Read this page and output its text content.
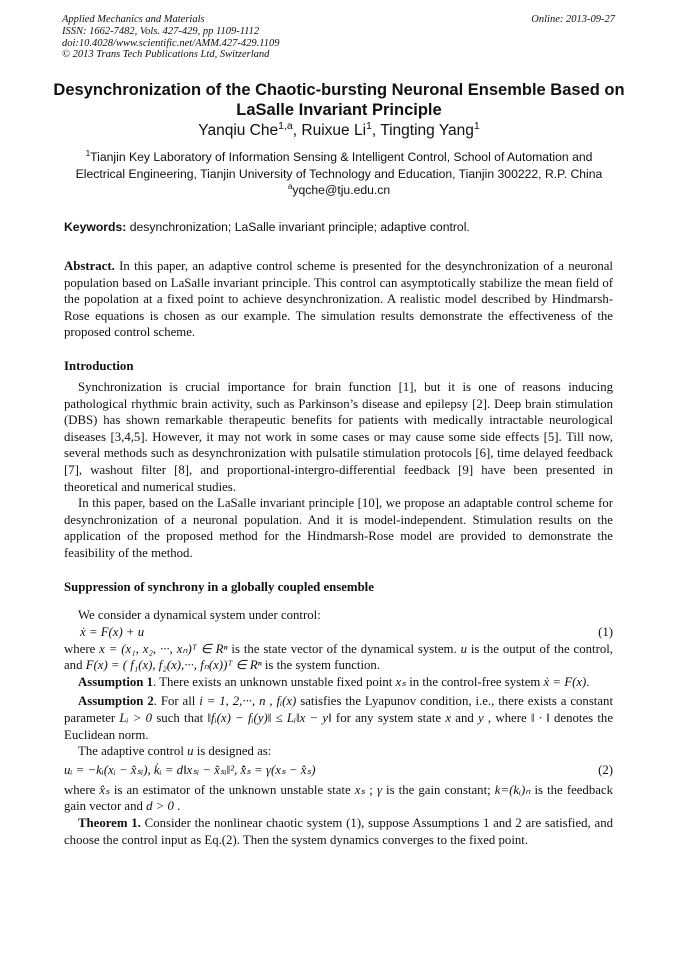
Applied Mechanics and Materials
ISSN: 1662-7482, Vols. 427-429, pp 1109-1112
doi:10.4028/www.scientific.net/AMM.427-429.1109
© 2013 Trans Tech Publications Ltd, Switzerland
Online: 2013-09-27
Desynchronization of the Chaotic-bursting Neuronal Ensemble Based on
LaSalle Invariant Principle
Yanqiu Che$^{1,a}$, Ruixue Li$^1$, Tingting Yang$^1$
$^1$Tianjin Key Laboratory of Information Sensing & Intelligent Control, School of Automation and
Electrical Engineering, Tianjin University of Technology and Education, Tianjin 300222, R.P. China
$^a$yqche@tju.edu.cn
Keywords: desynchronization; LaSalle invariant principle; adaptive control.

Abstract. In this paper, an adaptive control scheme is presented for the desynchronization of a neuronal population based on LaSalle invariant principle. This control can asymptotically stabilize the mean field of the popolation at a fixed point to achieve desynchronization. A realistic model described by Hindmarsh-Rose equations is chosen as our example. The simulation results demonstrate the effectiveness of the proposed control scheme.

Introduction

Synchronization is crucial importance for brain function [1], but it is one of reasons inducing pathological rhythmic brain activity, such as Parkinson’s disease and epilepsy [2]. Deep brain stimulation (DBS) has shown remarkable therapeutic benefits for patients with medically intractable neurological diseases [3,4,5]. However, it may not work in some cases or may cause some side effects [5]. Till now, several methods such as desynchronization with pulsatile stimulation protocols [6], time delayed feedback [7], washout filter [8], and proportional-intergro-differential feedback [9] have been presented in theoretical and numerical studies.

In this paper, based on the LaSalle invariant principle [10], we propose an adaptable control scheme for desynchronization of a neuronal population. And it is model-independent. Stimulation results on the application of the proposed method for the Hindmarsh-Rose model are provided to demonstrate the feasibility of the method.

Suppression of synchrony in a globally coupled ensemble

We consider a dynamical system under control:

ẋ = F(x) + u	(1)

where x = (x₁, x₂, ···, xₙ)ᵀ ∈ Rⁿ is the state vector of the dynamical system. u is the output of the control, and F(x) = ( f₁(x), f₂(x),···, fₙ(x))ᵀ ∈ Rⁿ is the system function.

Assumption 1. There exists an unknown unstable fixed point xₛ in the control-free system ẋ = F(x).

Assumption 2. For all i = 1, 2,···, n , fᵢ(x) satisfies the Lyapunov condition, i.e., there exists a constant parameter Lᵢ > 0 such that ‖fᵢ(x) − fᵢ(y)‖ ≤ Lᵢ‖x − y‖ for any system state x and y , where ‖ · ‖ denotes the Euclidean norm.

The adaptive control u is designed as:

uᵢ = −kᵢ(xᵢ − x̂ₛᵢ), k̇ᵢ = d‖xₛᵢ − x̂ₛᵢ‖², x̂̇ₛ = γ(xₛ − x̂ₛ)	(2)

where x̂ₛ is an estimator of the unknown unstable state xₛ ; γ is the gain constant; k=(kᵢ)ₙ is the feedback gain vector and d > 0 .

Theorem 1. Consider the nonlinear chaotic system (1), suppose Assumptions 1 and 2 are satisfied, and choose the control input as Eq.(2). Then the system dynamics converges to the fixed point.
